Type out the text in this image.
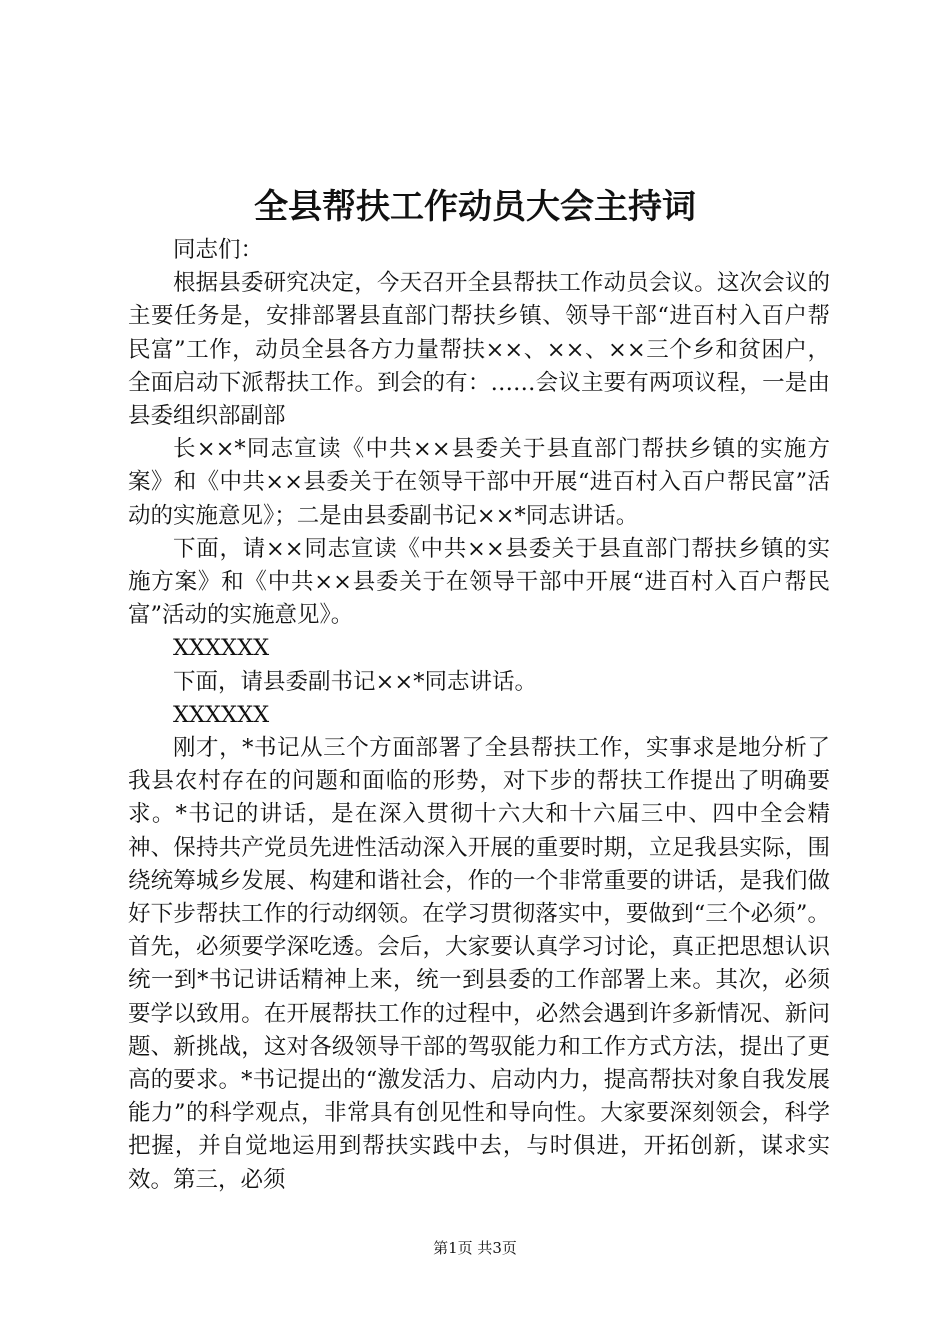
全县帮扶工作动员大会主持词

同志们：

根据县委研究决定，今天召开全县帮扶工作动员会议。这次会议的主要任务是，安排部署县直部门帮扶乡镇、领导干部“进百村入百户帮民富”工作，动员全县各方力量帮扶××、××、××三个乡和贫困户，全面启动下派帮扶工作。到会的有：……会议主要有两项议程，一是由县委组织部副部

长××*同志宣读《中共××县委关于县直部门帮扶乡镇的实施方案》和《中共××县委关于在领导干部中开展“进百村入百户帮民富”活动的实施意见》；二是由县委副书记××*同志讲话。

下面，请××同志宣读《中共××县委关于县直部门帮扶乡镇的实施方案》和《中共××县委关于在领导干部中开展“进百村入百户帮民富”活动的实施意见》。

XXXXXX

下面，请县委副书记××*同志讲话。

XXXXXX

刚才，*书记从三个方面部署了全县帮扶工作，实事求是地分析了我县农村存在的问题和面临的形势，对下步的帮扶工作提出了明确要求。*书记的讲话，是在深入贯彻十六大和十六届三中、四中全会精神、保持共产党员先进性活动深入开展的重要时期，立足我县实际，围绕统筹城乡发展、构建和谐社会，作的一个非常重要的讲话，是我们做好下步帮扶工作的行动纲领。在学习贯彻落实中，要做到“三个必须”。首先，必须要学深吃透。会后，大家要认真学习讨论，真正把思想认识统一到*书记讲话精神上来，统一到县委的工作部署上来。其次，必须要学以致用。在开展帮扶工作的过程中，必然会遇到许多新情况、新问题、新挑战，这对各级领导干部的驾驭能力和工作方式方法，提出了更高的要求。*书记提出的“激发活力、启动内力，提高帮扶对象自我发展能力”的科学观点，非常具有创见性和导向性。大家要深刻领会，科学把握，并自觉地运用到帮扶实践中去，与时俱进，开拓创新，谋求实效。第三，必须

第1页 共3页
